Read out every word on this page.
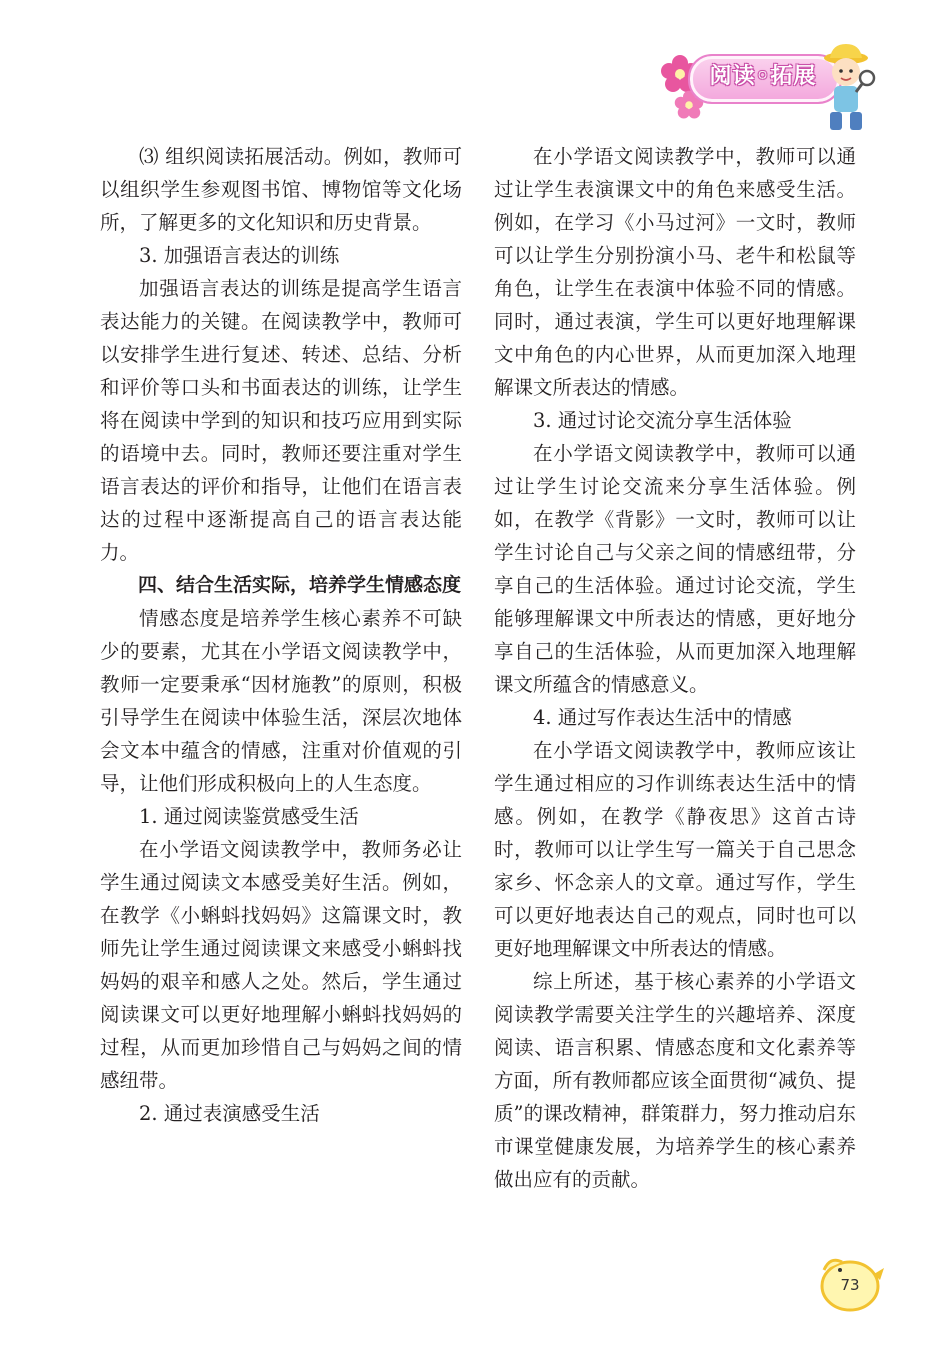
阅读◦拓展

⑶ 组织阅读拓展活动。例如，教师可以组织学生参观图书馆、博物馆等文化场所，了解更多的文化知识和历史背景。

3. 加强语言表达的训练

加强语言表达的训练是提高学生语言表达能力的关键。在阅读教学中，教师可以安排学生进行复述、转述、总结、分析和评价等口头和书面表达的训练，让学生将在阅读中学到的知识和技巧应用到实际的语境中去。同时，教师还要注重对学生语言表达的评价和指导，让他们在语言表达的过程中逐渐提高自己的语言表达能力。

四、结合生活实际，培养学生情感态度

情感态度是培养学生核心素养不可缺少的要素，尤其在小学语文阅读教学中，教师一定要秉承“因材施教”的原则，积极引导学生在阅读中体验生活，深层次地体会文本中蕴含的情感，注重对价值观的引导，让他们形成积极向上的人生态度。

1. 通过阅读鉴赏感受生活

在小学语文阅读教学中，教师务必让学生通过阅读文本感受美好生活。例如，在教学《小蝌蚪找妈妈》这篇课文时，教师先让学生通过阅读课文来感受小蝌蚪找妈妈的艰辛和感人之处。然后，学生通过阅读课文可以更好地理解小蝌蚪找妈妈的过程，从而更加珍惜自己与妈妈之间的情感纽带。

2. 通过表演感受生活

在小学语文阅读教学中，教师可以通过让学生表演课文中的角色来感受生活。例如，在学习《小马过河》一文时，教师可以让学生分别扮演小马、老牛和松鼠等角色，让学生在表演中体验不同的情感。同时，通过表演，学生可以更好地理解课文中角色的内心世界，从而更加深入地理解课文所表达的情感。

3. 通过讨论交流分享生活体验

在小学语文阅读教学中，教师可以通过让学生讨论交流来分享生活体验。例如，在教学《背影》一文时，教师可以让学生讨论自己与父亲之间的情感纽带，分享自己的生活体验。通过讨论交流，学生能够理解课文中所表达的情感，更好地分享自己的生活体验，从而更加深入地理解课文所蕴含的情感意义。

4. 通过写作表达生活中的情感

在小学语文阅读教学中，教师应该让学生通过相应的习作训练表达生活中的情感。例如，在教学《静夜思》这首古诗时，教师可以让学生写一篇关于自己思念家乡、怀念亲人的文章。通过写作，学生可以更好地表达自己的观点，同时也可以更好地理解课文中所表达的情感。

综上所述，基于核心素养的小学语文阅读教学需要关注学生的兴趣培养、深度阅读、语言积累、情感态度和文化素养等方面，所有教师都应该全面贯彻“减负、提质”的课改精神，群策群力，努力推动启东市课堂健康发展，为培养学生的核心素养做出应有的贡献。

73
